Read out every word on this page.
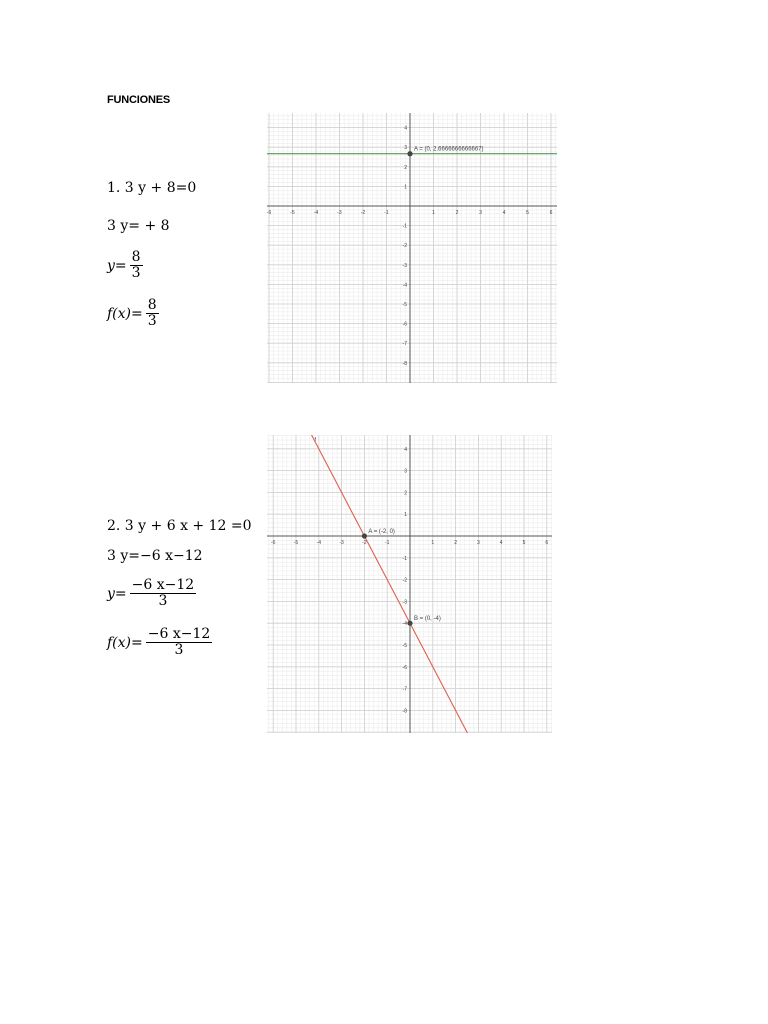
FUNCIONES
1. 3 y + 8=0
3 y= + 8
$y= \frac{8}{3}$
$f(x)= \frac{8}{3}$
2. 3 y + 6 x + 12 =0
3 y=−6 x−12
$y= \frac{-6 x-12}{3}$
$f(x)= \frac{-6 x-12}{3}$
-6	-5	-4	-3	-2	-1	1	2	3	4	5	6
-8
-7
-6
-5
-4
-3
-2
-1
1
2
3
4
A = (0, 2.6666666666667)
-6	-5	-4	-3	-2	-1	1	2	3	4	5	6
-8
-7
-6
-5
-4
-3
-2
-1
1
2
3
4
f
A = (-2, 0)
B = (0, -4)
